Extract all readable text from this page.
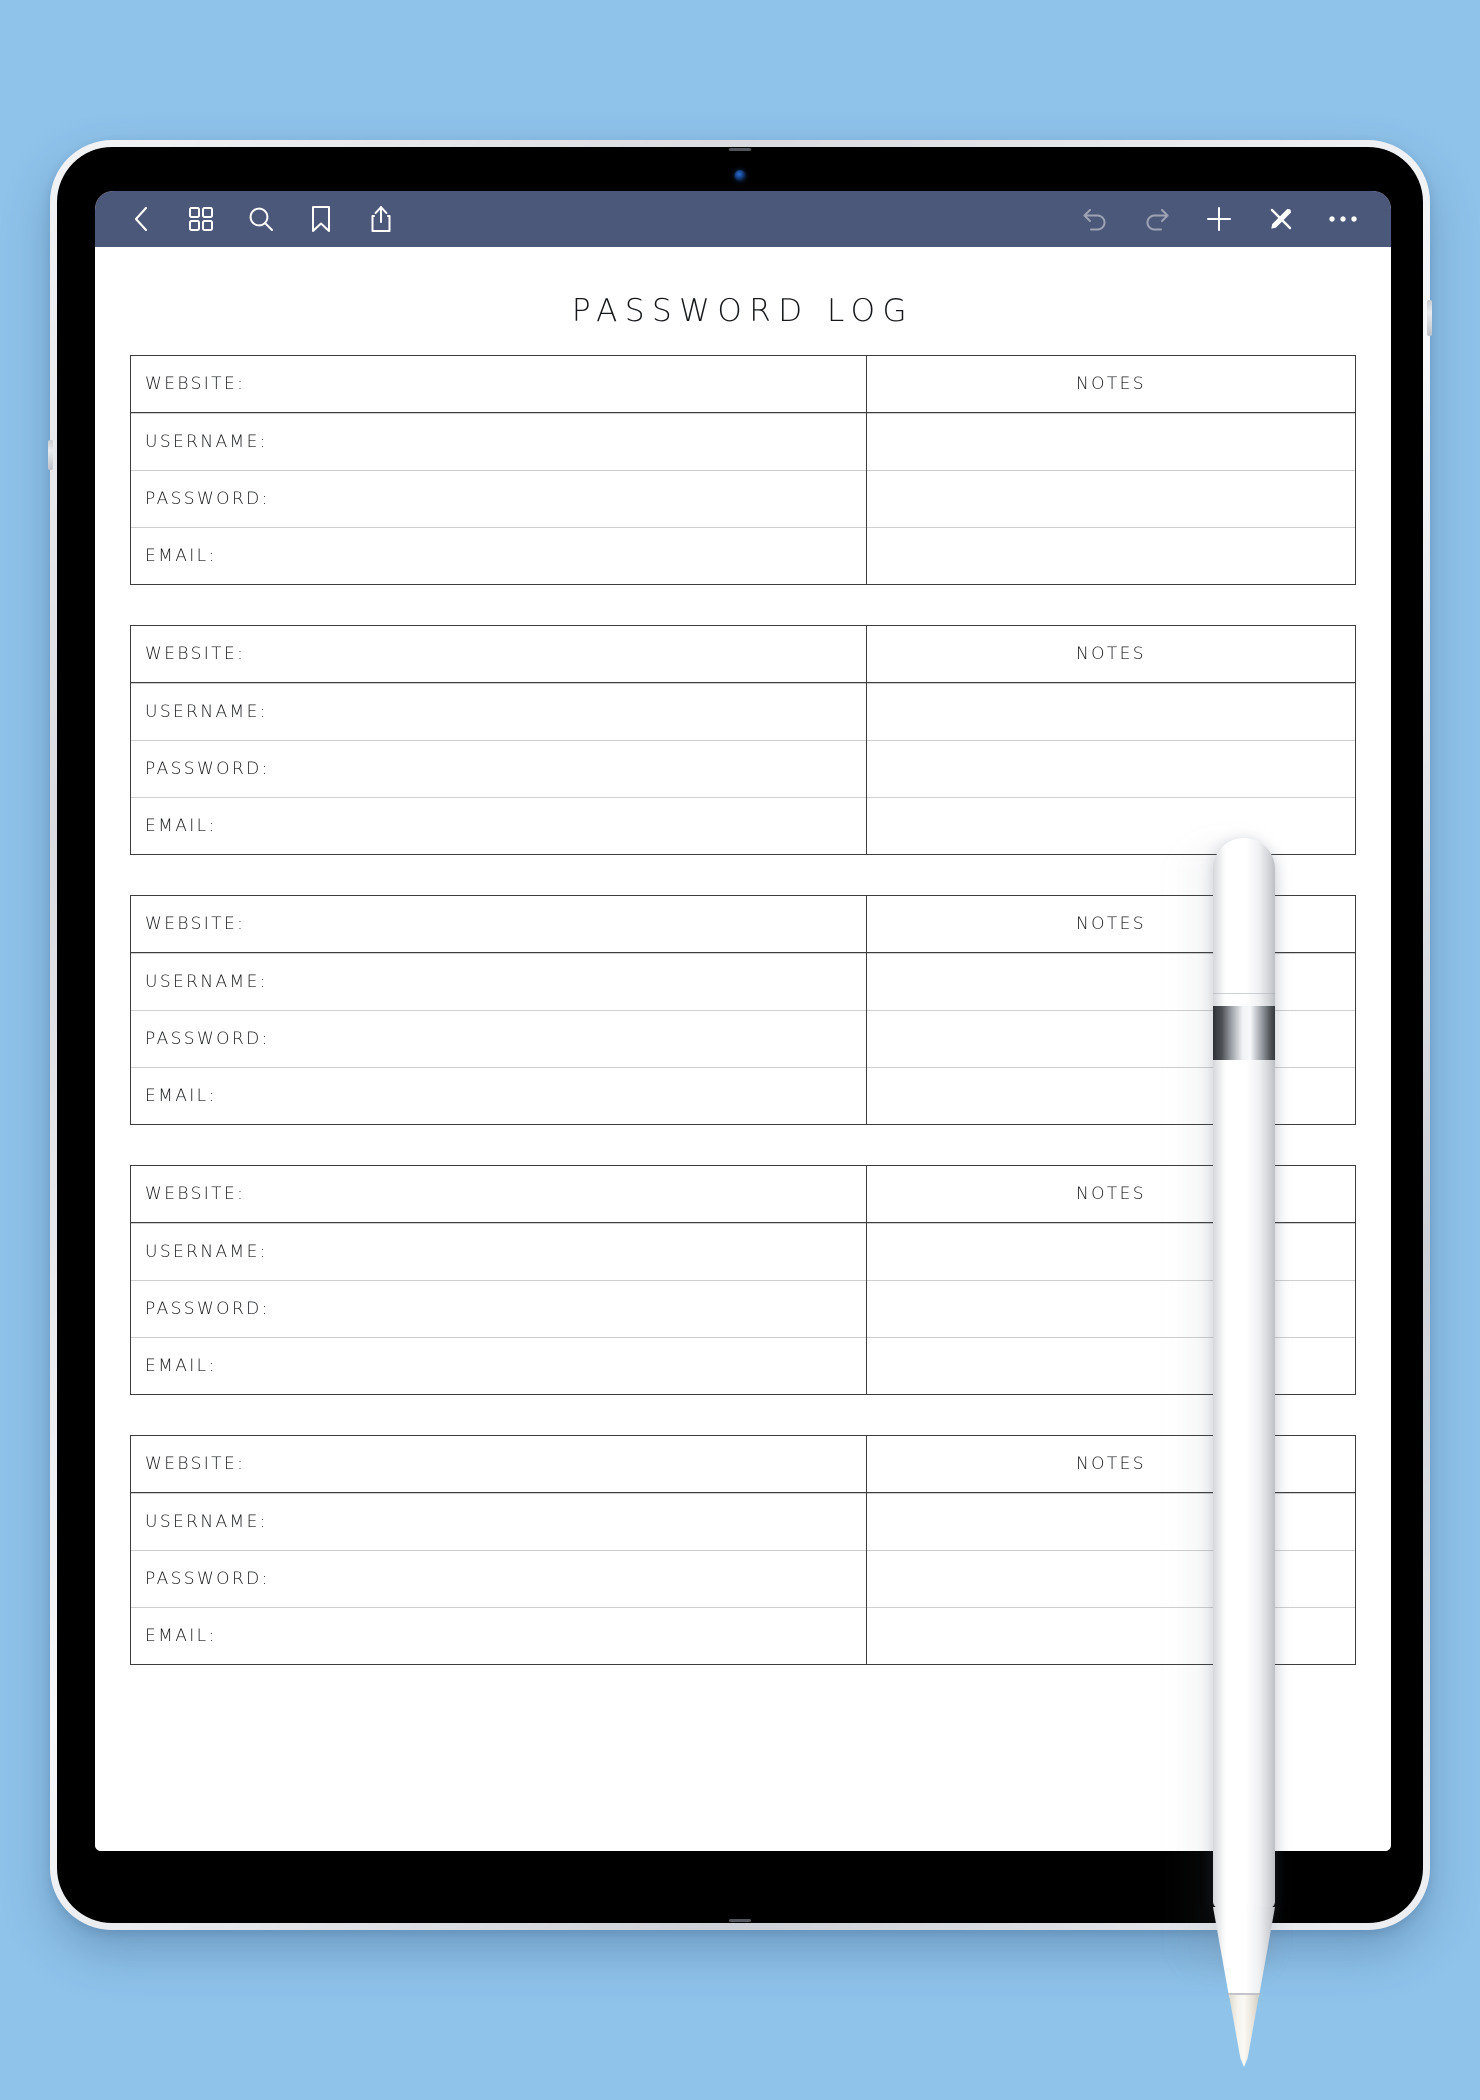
PASSWORD LOG
WEBSITE:
USERNAME:
PASSWORD:
EMAIL:
NOTES
WEBSITE:
USERNAME:
PASSWORD:
EMAIL:
NOTES
WEBSITE:
USERNAME:
PASSWORD:
EMAIL:
NOTES
WEBSITE:
USERNAME:
PASSWORD:
EMAIL:
NOTES
WEBSITE:
USERNAME:
PASSWORD:
EMAIL:
NOTES
